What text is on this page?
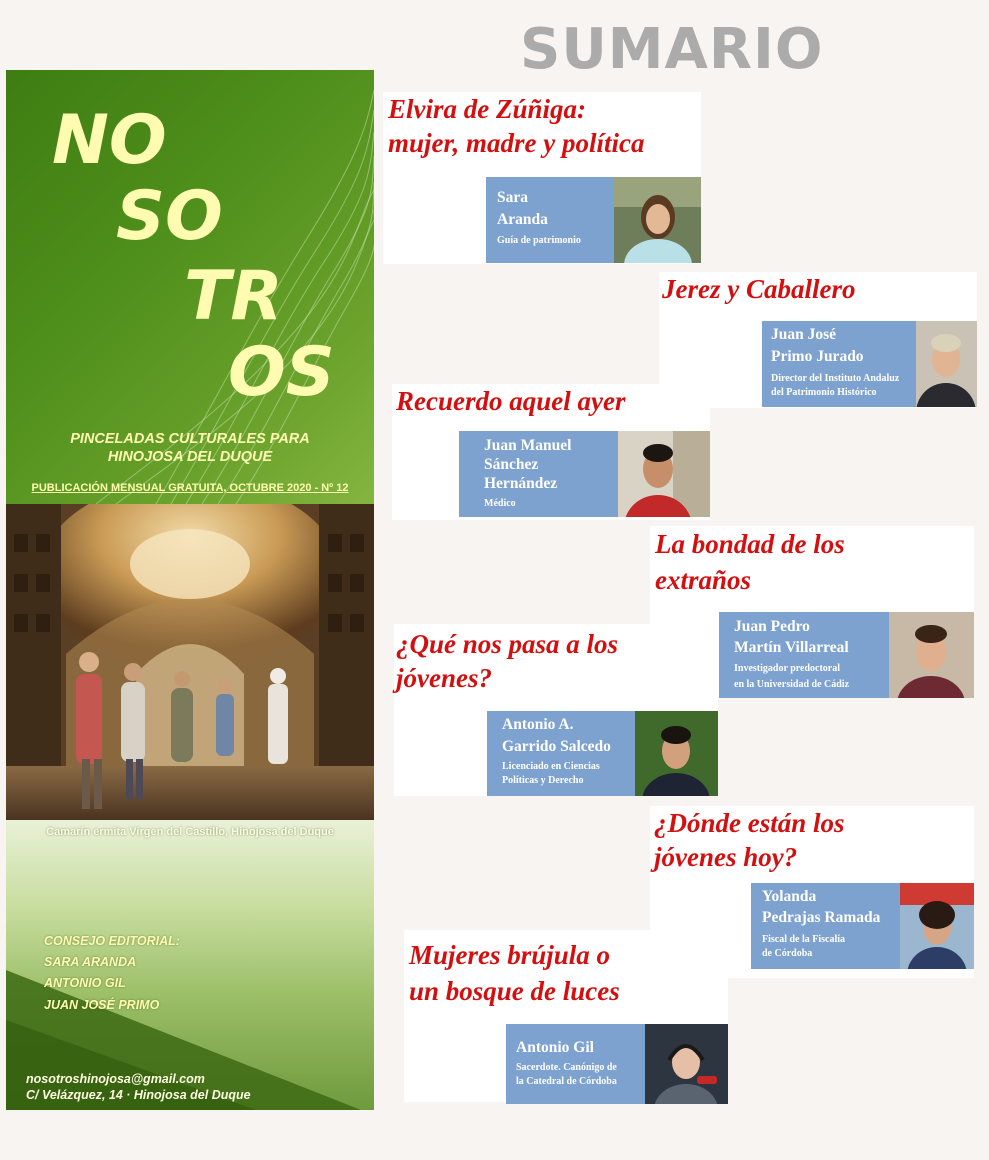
SUMARIO
NO
SO
TR
OS
PINCELADAS CULTURALES PARA
HINOJOSA DEL DUQUE
PUBLICACIÓN MENSUAL GRATUITA, OCTUBRE 2020 - Nº 12
Camarín ermita Virgen del Castillo, Hinojosa del Duque
CONSEJO EDITORIAL:
SARA ARANDA
ANTONIO GIL
JUAN JOSÉ PRIMO
nosotroshinojosa@gmail.com
C/ Velázquez, 14 · Hinojosa del Duque
Elvira de Zúñiga:
mujer, madre y política
Sara
Aranda
Guía de patrimonio
Jerez y Caballero
Juan José
Primo Jurado
Director del Instituto Andaluz
del Patrimonio Histórico
Recuerdo aquel ayer
Juan Manuel
Sánchez
Hernández
Médico
La bondad de los
extraños
Juan Pedro
Martín Villarreal
Investigador predoctoral
en la Universidad de Cádiz
¿Qué nos pasa a los
jóvenes?
Antonio A.
Garrido Salcedo
Licenciado en Ciencias
Políticas y Derecho
¿Dónde están los
jóvenes hoy?
Yolanda
Pedrajas Ramada
Fiscal de la Fiscalía
de Córdoba
Mujeres brújula o
un bosque de luces
Antonio Gil
Sacerdote. Canónigo de
la Catedral de Córdoba
